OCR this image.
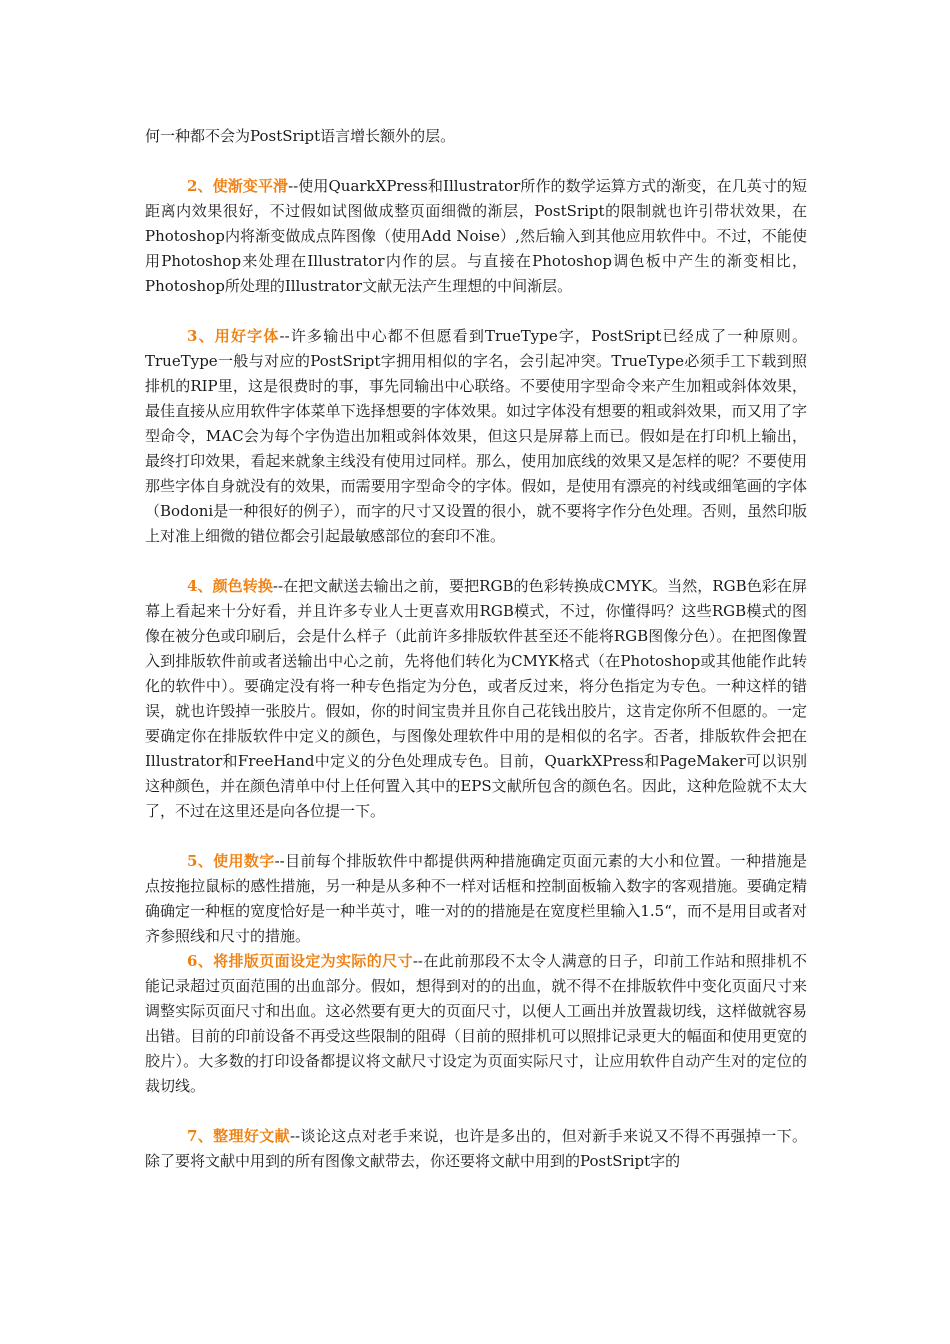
何一种都不会为PostSript语言增长额外的层。

2、使渐变平滑--使用QuarkXPress和Illustrator所作的数学运算方式的渐变，在几英寸的短距离内效果很好，不过假如试图做成整页面细微的渐层，PostSript的限制就也许引带状效果，在Photoshop内将渐变做成点阵图像（使用Add Noise）,然后输入到其他应用软件中。不过，不能使用Photoshop来处理在Illustrator内作的层。与直接在Photoshop调色板中产生的渐变相比，Photoshop所处理的Illustrator文献无法产生理想的中间渐层。

3、用好字体--许多输出中心都不但愿看到TrueType字，PostSript已经成了一种原则。TrueType一般与对应的PostSript字拥用相似的字名，会引起冲突。TrueType必须手工下载到照排机的RIP里，这是很费时的事，事先同输出中心联络。不要使用字型命令来产生加粗或斜体效果，最佳直接从应用软件字体菜单下选择想要的字体效果。如过字体没有想要的粗或斜效果，而又用了字型命令，MAC会为每个字伪造出加粗或斜体效果，但这只是屏幕上而已。假如是在打印机上输出，最终打印效果，看起来就象主线没有使用过同样。那么，使用加底线的效果又是怎样的呢？不要使用那些字体自身就没有的效果，而需要用字型命令的字体。假如，是使用有漂亮的衬线或细笔画的字体（Bodoni是一种很好的例子），而字的尺寸又设置的很小，就不要将字作分色处理。否则，虽然印版上对准上细微的错位都会引起最敏感部位的套印不准。

4、颜色转换--在把文献送去输出之前，要把RGB的色彩转换成CMYK。当然，RGB色彩在屏幕上看起来十分好看，并且许多专业人士更喜欢用RGB模式，不过，你懂得吗？这些RGB模式的图像在被分色或印刷后，会是什么样子（此前许多排版软件甚至还不能将RGB图像分色）。在把图像置入到排版软件前或者送输出中心之前，先将他们转化为CMYK格式（在Photoshop或其他能作此转化的软件中）。要确定没有将一种专色指定为分色，或者反过来，将分色指定为专色。一种这样的错误，就也许毁掉一张胶片。假如，你的时间宝贵并且你自己花钱出胶片，这肯定你所不但愿的。一定要确定你在排版软件中定义的颜色，与图像处理软件中用的是相似的名字。否者，排版软件会把在Illustrator和FreeHand中定义的分色处理成专色。目前，QuarkXPress和PageMaker可以识别这种颜色，并在颜色清单中付上任何置入其中的EPS文献所包含的颜色名。因此，这种危险就不太大了，不过在这里还是向各位提一下。

5、使用数字--目前每个排版软件中都提供两种措施确定页面元素的大小和位置。一种措施是点按拖拉鼠标的感性措施，另一种是从多种不一样对话框和控制面板输入数字的客观措施。要确定精确确定一种框的宽度恰好是一种半英寸，唯一对的的措施是在宽度栏里输入1.5“，而不是用目或者对齐参照线和尺寸的措施。

6、将排版页面设定为实际的尺寸--在此前那段不太令人满意的日子，印前工作站和照排机不能记录超过页面范围的出血部分。假如，想得到对的的出血，就不得不在排版软件中变化页面尺寸来调整实际页面尺寸和出血。这必然要有更大的页面尺寸，以便人工画出并放置裁切线，这样做就容易出错。目前的印前设备不再受这些限制的阻碍（目前的照排机可以照排记录更大的幅面和使用更宽的胶片）。大多数的打印设备都提议将文献尺寸设定为页面实际尺寸，让应用软件自动产生对的定位的裁切线。

7、整理好文献--谈论这点对老手来说，也许是多出的，但对新手来说又不得不再强掉一下。除了要将文献中用到的所有图像文献带去，你还要将文献中用到的PostSript字的
